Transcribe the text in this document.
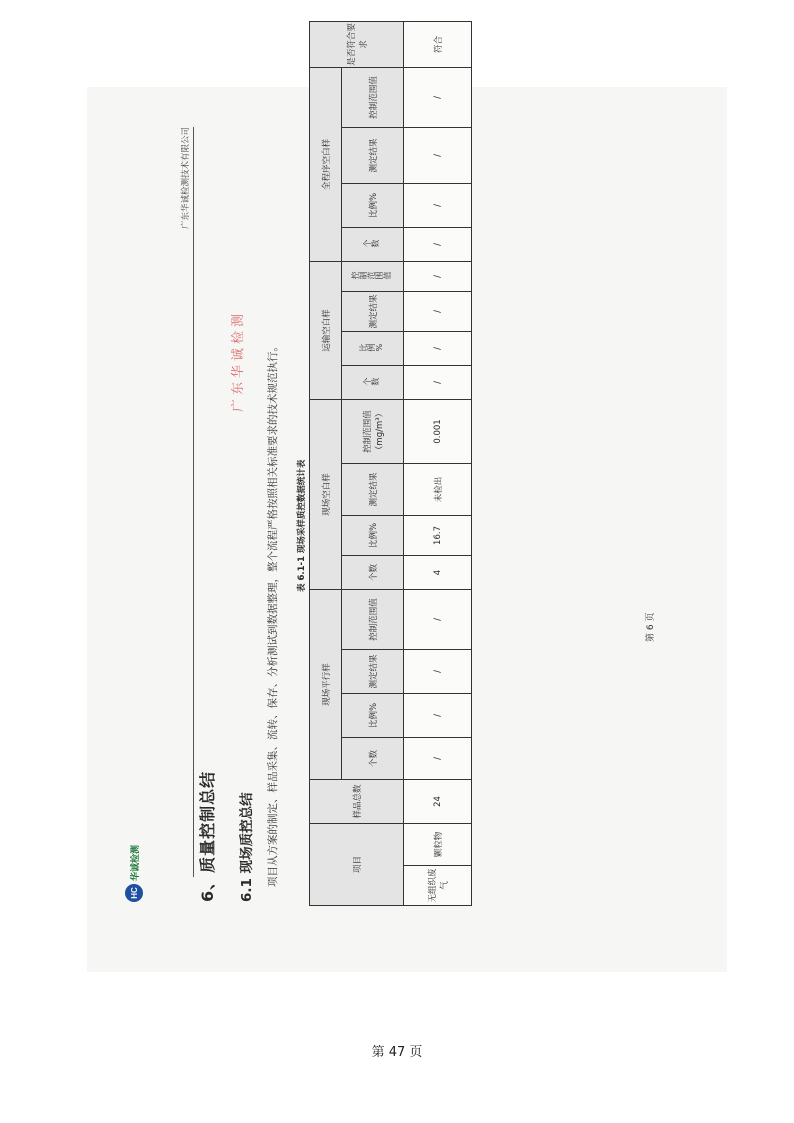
HC
华诚检测
广东华诚检测技术有限公司
6、质量控制总结 6.1 现场质控总结 项目从方案的制定、样品采集、流转、保存、分析测试到数据整理，整个流程严格按照相关标准要求的技术规范执行。 表 6.1-1 现场采样质控数据统计表
项目		样品总数	现场平行样				现场空白样				运输空白样				全程序空白样				是否符合要求
			个数	比例%	测定结果	控制范围值	个数	比例%	测定结果	控制范围值（mg/m³）	个数	比例%	测定结果	控制范围值	个数	比例%	测定结果	控制范围值	
无组织废气	颗粒物	24	/	/	/	/	4	16.7	未检出	0.001	/	/	/	/	/	/	/	/	符合
第 6 页
广东华诚检测
第 47 页
